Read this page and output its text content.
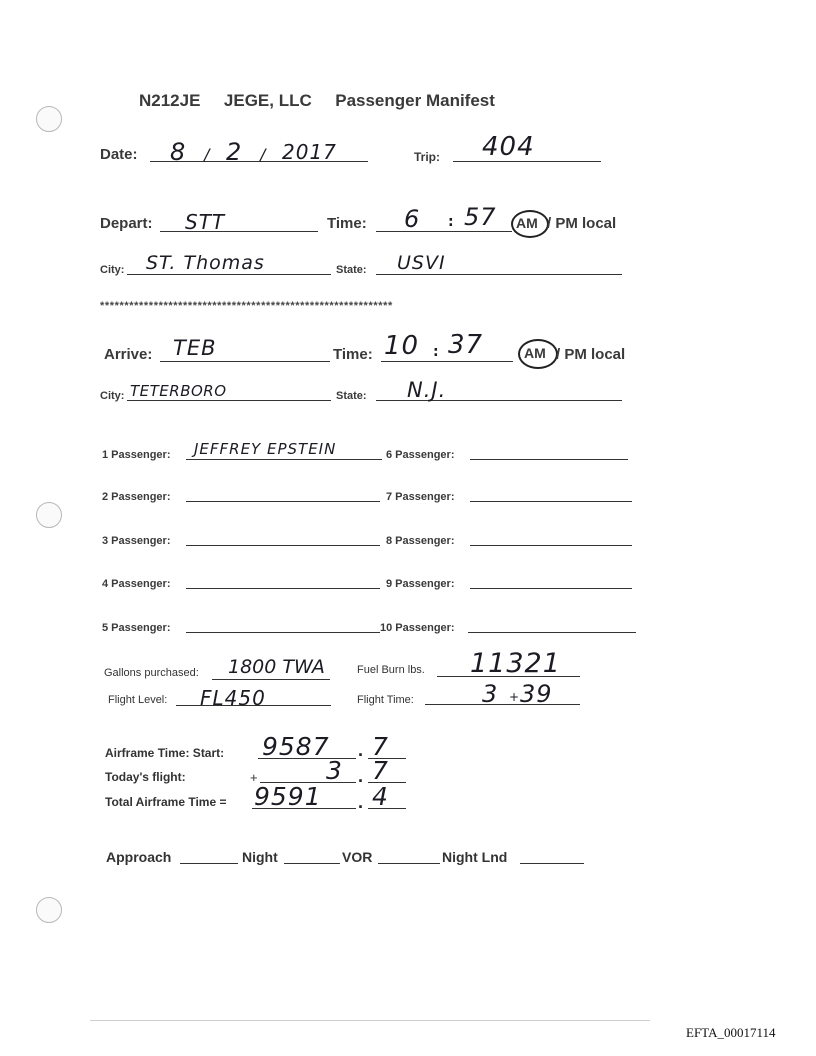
N212JE JEGE, LLC Passenger Manifest
Date: 8 / 2 / 2017	Trip: 404
Depart: STT	Time: 6 : 57 AM / PM local
City: ST. Thomas	State: USVI
************************************************************
Arrive: TEB	Time: 10 : 37	AM / PM local
City: TETERBORO	State: N.J.
1 Passenger: JEFFREY EPSTEIN
2 Passenger:
3 Passenger:
4 Passenger:
5 Passenger:
6 Passenger:
7 Passenger:
8 Passenger:
9 Passenger:
10 Passenger:
Gallons purchased: 1800 TWA	Fuel Burn lbs. 11321
Flight Level: FL450	Flight Time:	3 + 39
Airframe Time: Start: 9587 . 7
Today's flight:	+	3 . 7
Total Airframe Time = 9591 . 4
Approach	Night	VOR	Night Lnd
EFTA_00017114
